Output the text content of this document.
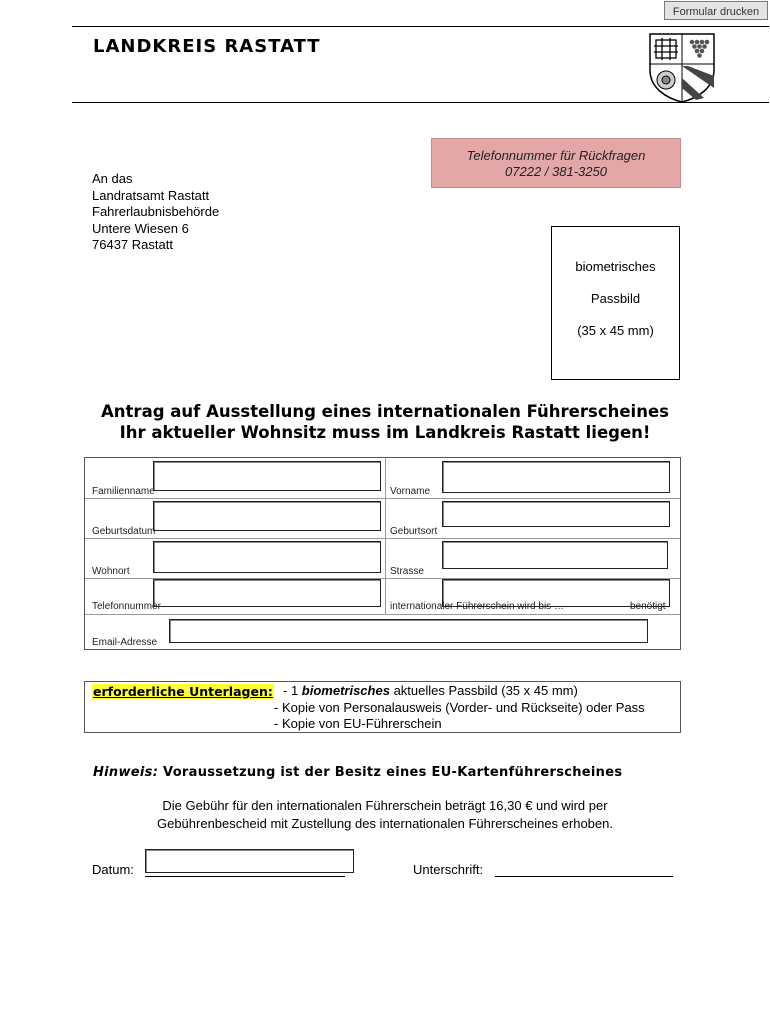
Formular drucken
LANDKREIS RASTATT
Telefonnummer für Rückfragen
07222 / 381-3250
An das
Landratsamt Rastatt
Fahrerlaubnisbehörde
Untere Wiesen 6
76437 Rastatt
biometrisches
Passbild
(35 x 45 mm)
Antrag auf Ausstellung eines internationalen Führerscheines
Ihr aktueller Wohnsitz muss im Landkreis Rastatt liegen!
Familienname	Vorname
Geburtsdatum	Geburtsort
Wohnort	Strasse
Telefonnummer	internationaler Führerschein wird bis …	benötigt
Email-Adresse
erforderliche Unterlagen: - 1 biometrisches aktuelles Passbild (35 x 45 mm)
- Kopie von Personalausweis (Vorder- und Rückseite) oder Pass
- Kopie von EU-Führerschein
Hinweis: Voraussetzung ist der Besitz eines EU-Kartenführerscheines
Die Gebühr für den internationalen Führerschein beträgt 16,30 € und wird per
Gebührenbescheid mit Zustellung des internationalen Führerscheines erhoben.
Datum:	Unterschrift:
